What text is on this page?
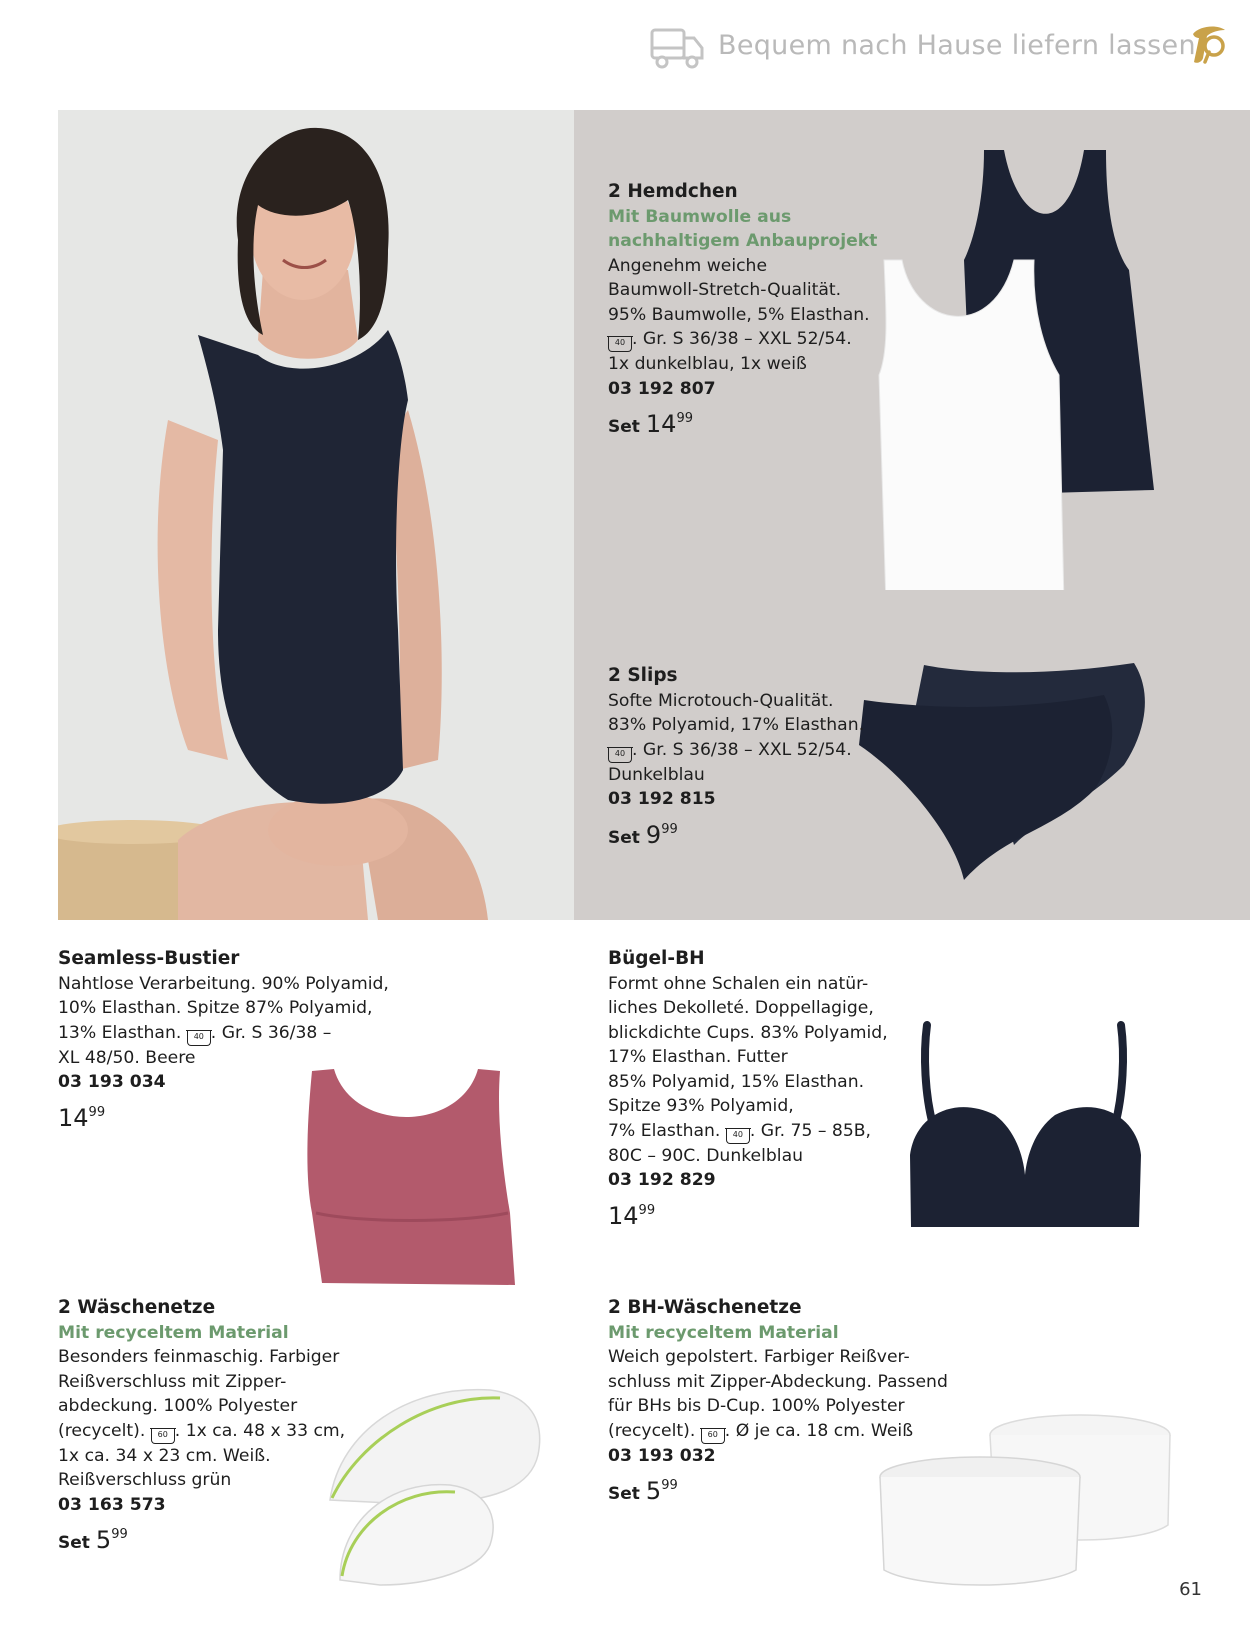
Bequem nach Hause liefern lassen

2 Hemdchen

Mit Baumwolle aus

nachhaltigem Anbauprojekt

Angenehm weiche

Baumwoll-Stretch-Qualität.

95% Baumwolle, 5% Elasthan.

40 . Gr. S 36/38 – XXL 52/54.

1x dunkelblau, 1x weiß

03 192 807

Set $14^{99}$

2 Slips

Softe Microtouch-Qualität.

83% Polyamid, 17% Elasthan.

40 . Gr. S 36/38 – XXL 52/54.

Dunkelblau

03 192 815

Set $9^{99}$

Seamless-Bustier

Nahtlose Verarbeitung. 90% Polyamid,

10% Elasthan. Spitze 87% Polyamid,

13% Elasthan. 40 . Gr. S 36/38 –

XL 48/50. Beere

03 193 034

$14^{99}$

Bügel-BH

Formt ohne Schalen ein natür-

liches Dekolleté. Doppellagige,

blickdichte Cups. 83% Polyamid,

17% Elasthan. Futter

85% Polyamid, 15% Elasthan.

Spitze 93% Polyamid,

7% Elasthan. 40 . Gr. 75 – 85B,

80C – 90C. Dunkelblau

03 192 829

$14^{99}$

2 Wäschenetze

Mit recyceltem Material

Besonders feinmaschig. Farbiger

Reißverschluss mit Zipper-

abdeckung. 100% Polyester

(recycelt). 60 . 1x ca. 48 x 33 cm,

1x ca. 34 x 23 cm. Weiß.

Reißverschluss grün

03 163 573

Set $5^{99}$

2 BH-Wäschenetze

Mit recyceltem Material

Weich gepolstert. Farbiger Reißver-

schluss mit Zipper-Abdeckung. Passend

für BHs bis D-Cup. 100% Polyester

(recycelt). 60 . Ø je ca. 18 cm. Weiß

03 193 032

Set $5^{99}$
61
